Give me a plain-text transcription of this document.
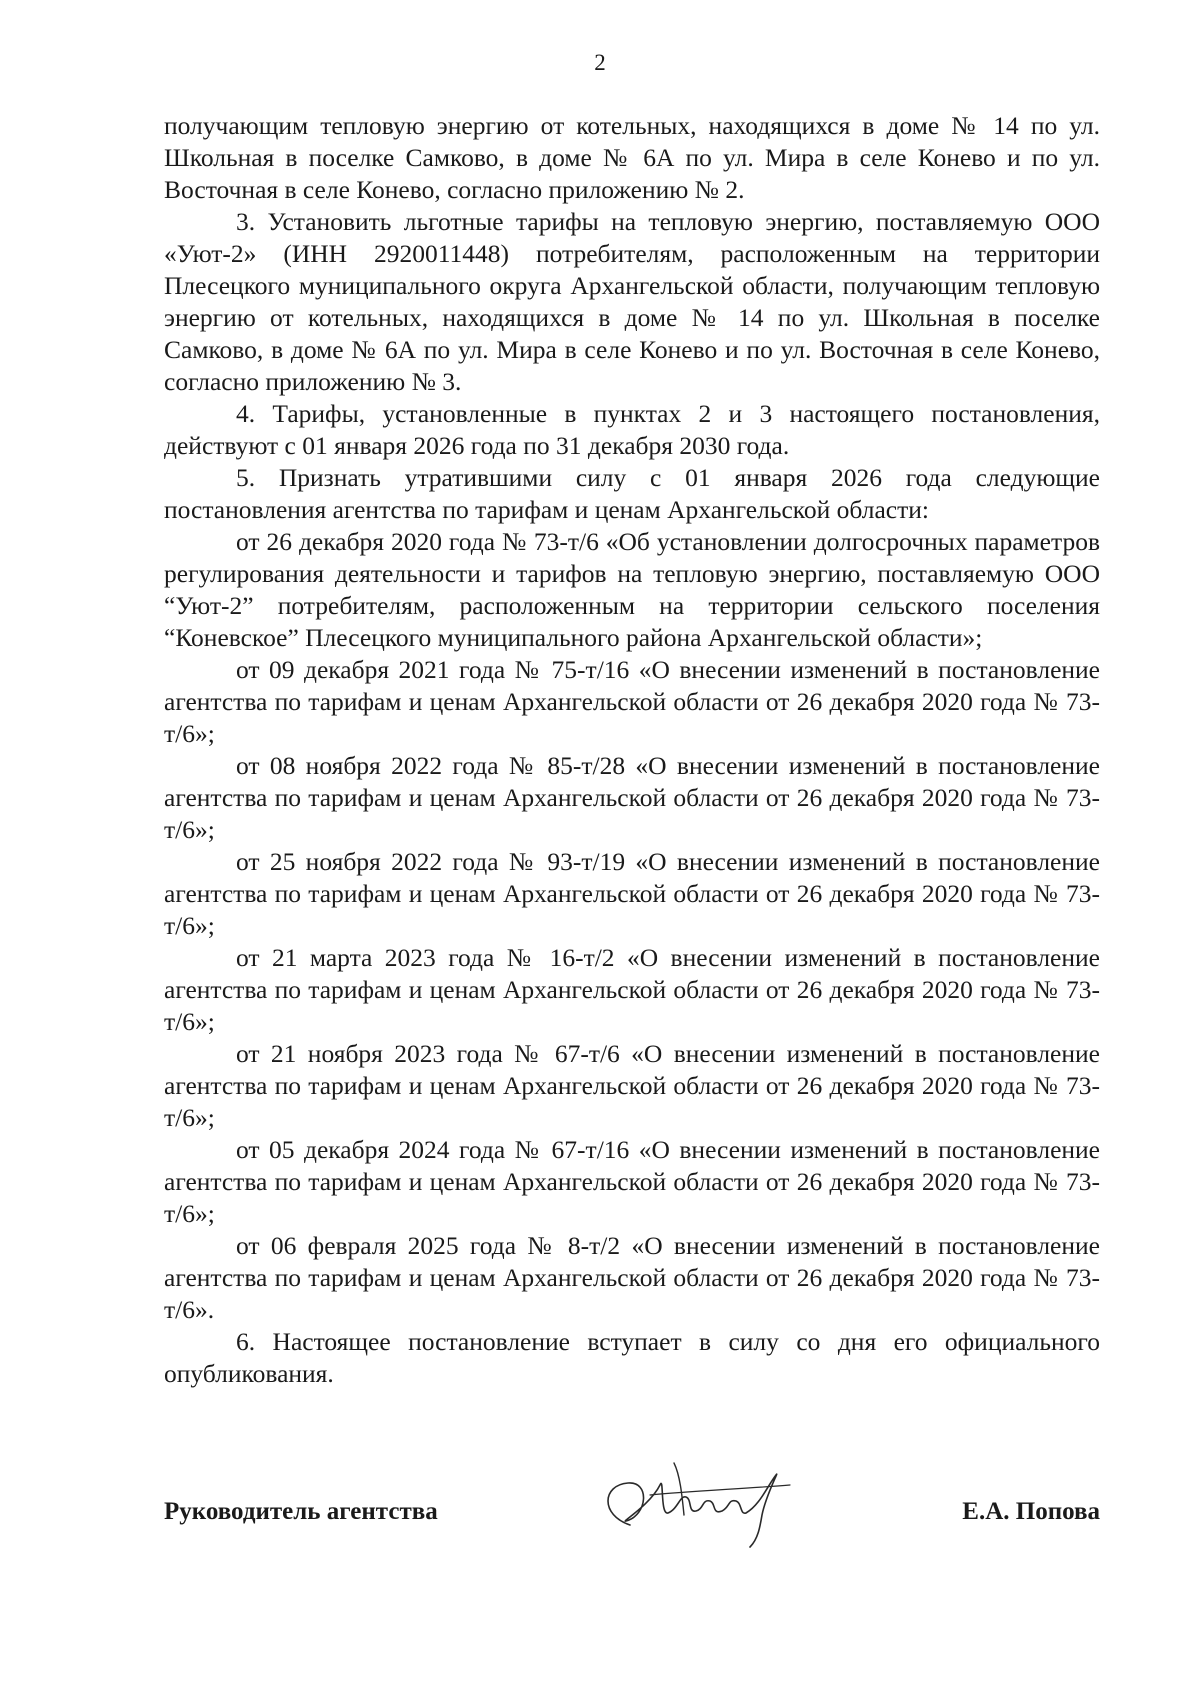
2

получающим тепловую энергию от котельных, находящихся в доме № 14 по ул. Школьная в поселке Самково, в доме № 6А по ул. Мира в селе Конево и по ул. Восточная в селе Конево, согласно приложению № 2.

3. Установить льготные тарифы на тепловую энергию, поставляемую ООО «Уют-2» (ИНН 2920011448) потребителям, расположенным на территории Плесецкого муниципального округа Архангельской области, получающим тепловую энергию от котельных, находящихся в доме № 14 по ул. Школьная в поселке Самково, в доме № 6А по ул. Мира в селе Конево и по ул. Восточная в селе Конево, согласно приложению № 3.

4. Тарифы, установленные в пунктах 2 и 3 настоящего постановления, действуют с 01 января 2026 года по 31 декабря 2030 года.

5. Признать утратившими силу с 01 января 2026 года следующие постановления агентства по тарифам и ценам Архангельской области:

от 26 декабря 2020 года № 73-т/6 «Об установлении долгосрочных параметров регулирования деятельности и тарифов на тепловую энергию, поставляемую ООО “Уют-2” потребителям, расположенным на территории сельского поселения “Коневское” Плесецкого муниципального района Архангельской области»;

от 09 декабря 2021 года № 75-т/16 «О внесении изменений в постановление агентства по тарифам и ценам Архангельской области от 26 декабря 2020 года № 73-т/6»;

от 08 ноября 2022 года № 85-т/28 «О внесении изменений в постановление агентства по тарифам и ценам Архангельской области от 26 декабря 2020 года № 73-т/6»;

от 25 ноября 2022 года № 93-т/19 «О внесении изменений в постановление агентства по тарифам и ценам Архангельской области от 26 декабря 2020 года № 73-т/6»;

от 21 марта 2023 года № 16-т/2 «О внесении изменений в постановление агентства по тарифам и ценам Архангельской области от 26 декабря 2020 года № 73-т/6»;

от 21 ноября 2023 года № 67-т/6 «О внесении изменений в постановление агентства по тарифам и ценам Архангельской области от 26 декабря 2020 года № 73-т/6»;

от 05 декабря 2024 года № 67-т/16 «О внесении изменений в постановление агентства по тарифам и ценам Архангельской области от 26 декабря 2020 года № 73-т/6»;

от 06 февраля 2025 года № 8-т/2 «О внесении изменений в постановление агентства по тарифам и ценам Архангельской области от 26 декабря 2020 года № 73-т/6».

6. Настоящее постановление вступает в силу со дня его официального опубликования.

Руководитель агентства	Е.А. Попова
